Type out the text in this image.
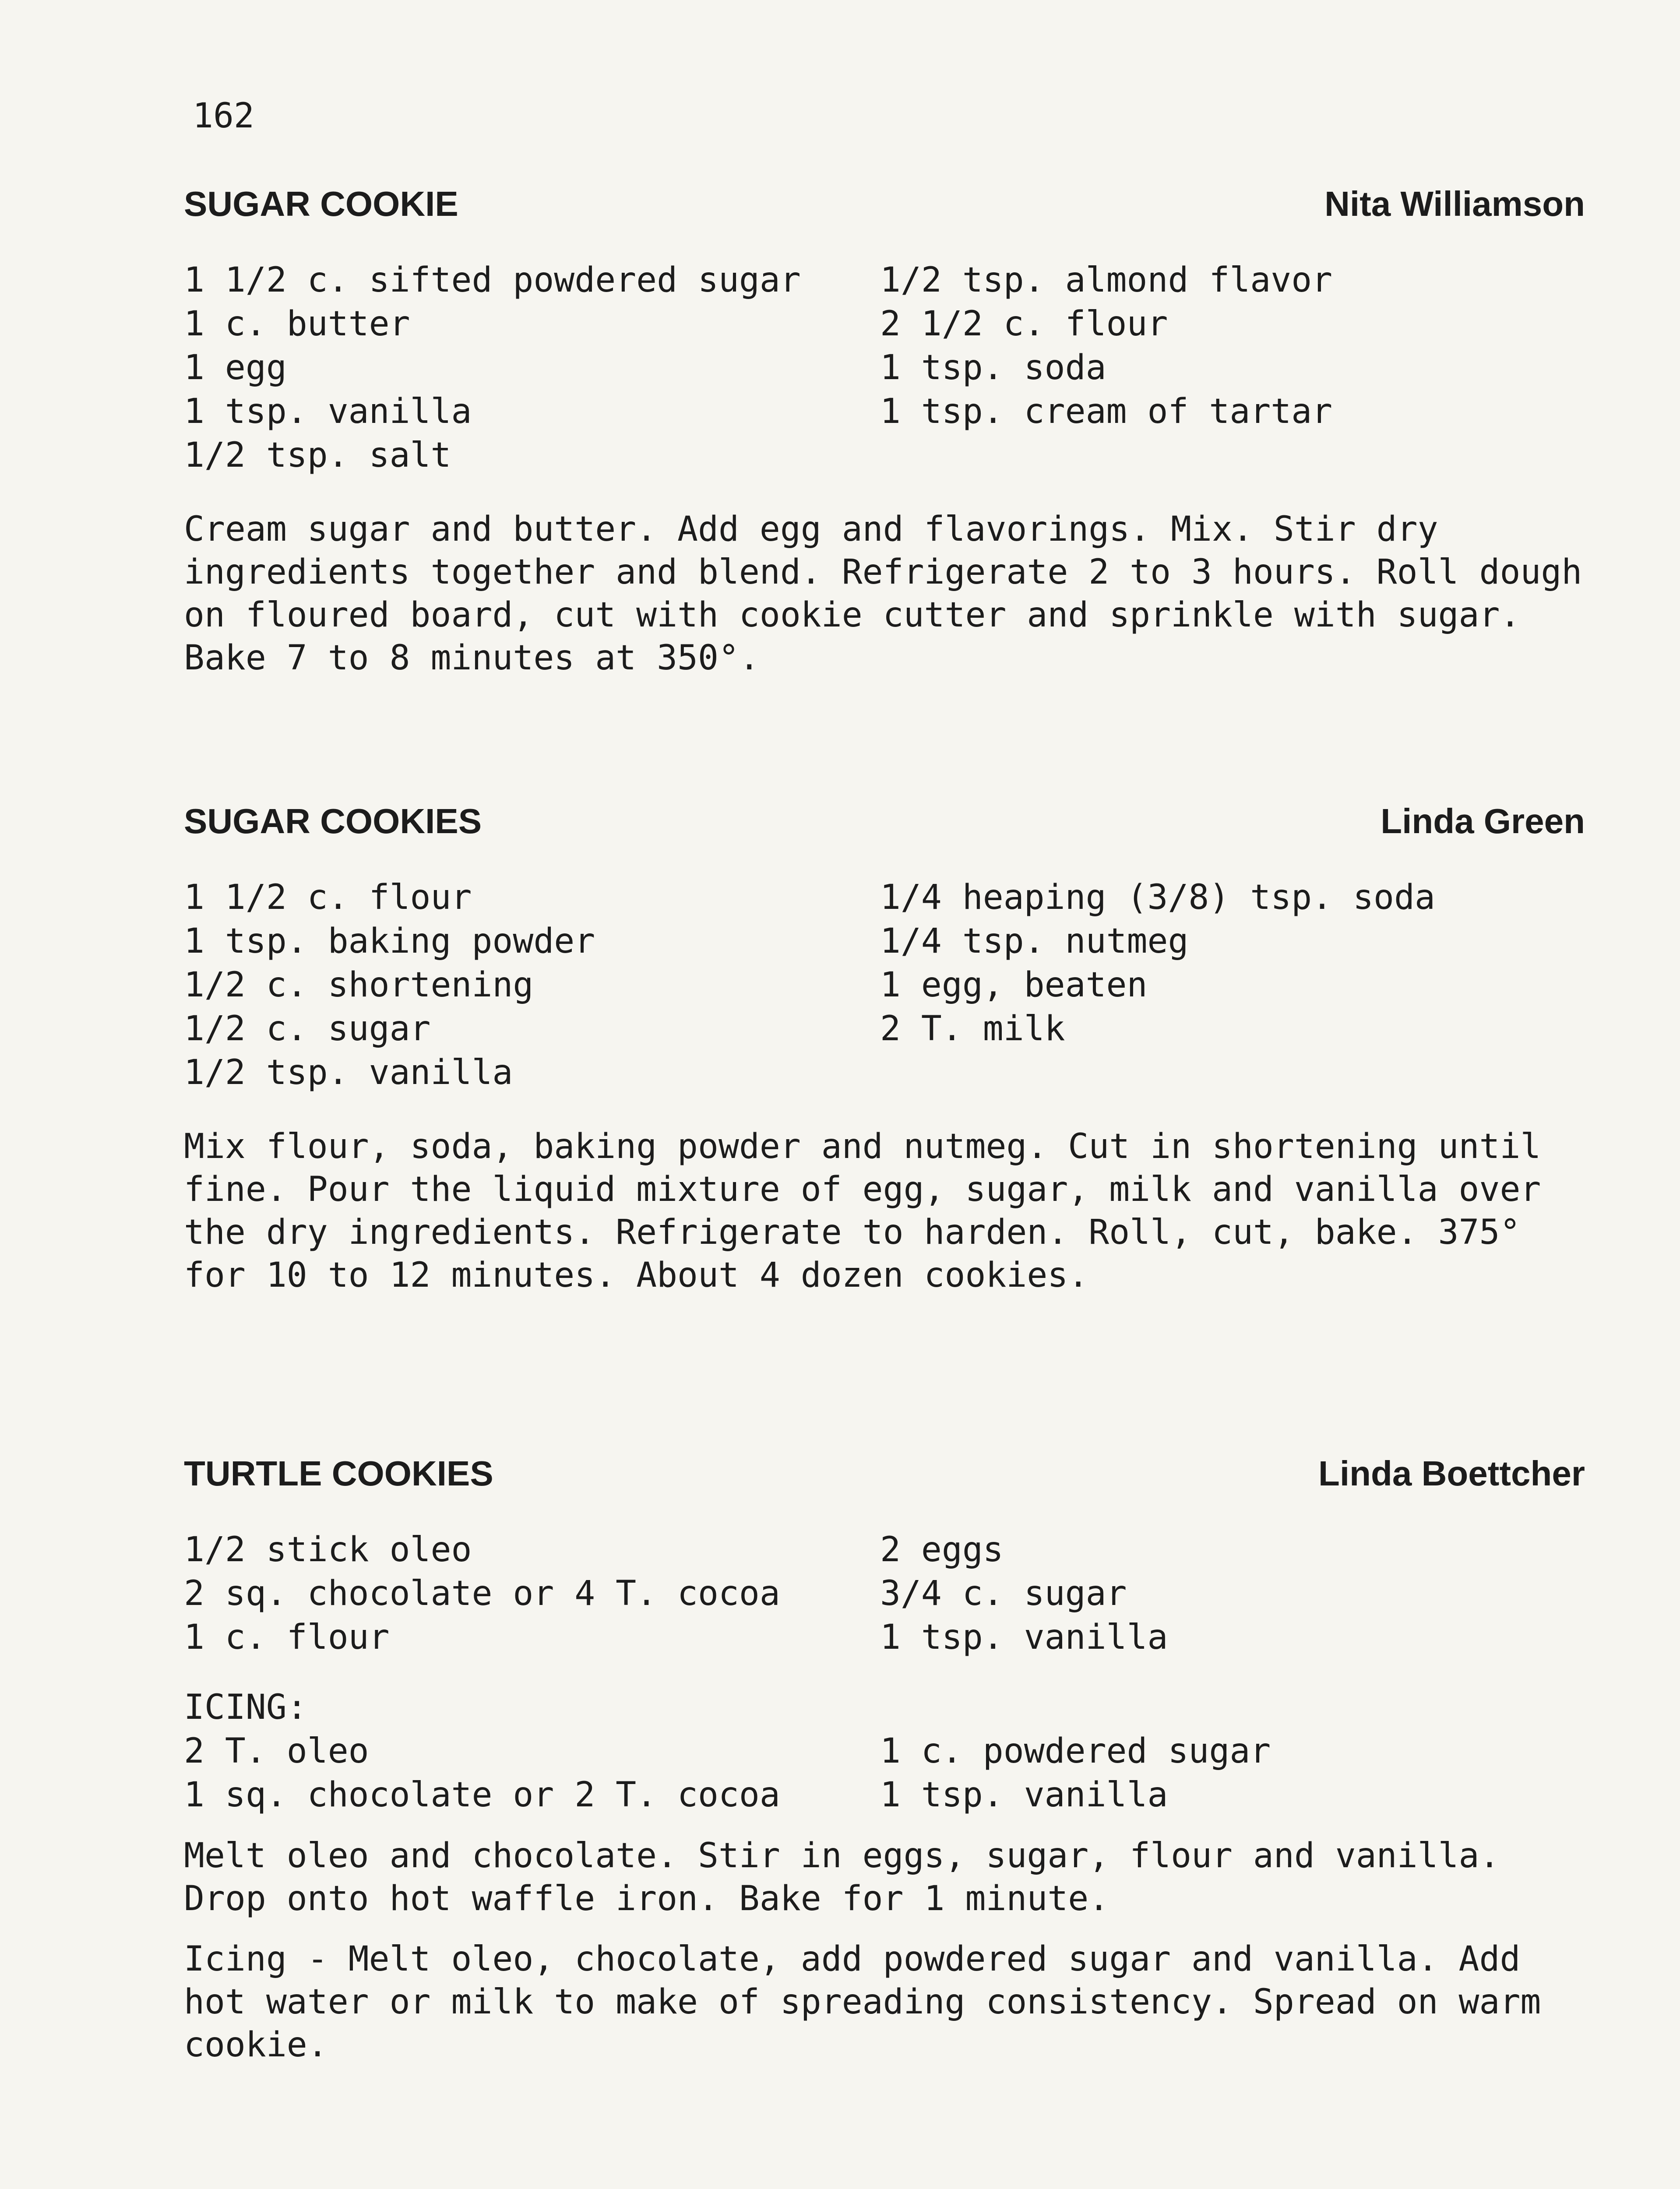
162
SUGAR COOKIE	Nita Williamson
1 1/2 c. sifted powdered sugar
1 c. butter
1 egg
1 tsp. vanilla
1/2 tsp. salt
1/2 tsp. almond flavor
2 1/2 c. flour
1 tsp. soda
1 tsp. cream of tartar

Cream sugar and butter. Add egg and flavorings. Mix. Stir dry ingredients together and blend. Refrigerate 2 to 3 hours. Roll dough on floured board, cut with cookie cutter and sprinkle with sugar. Bake 7 to 8 minutes at 350°.

SUGAR COOKIES	Linda Green
1 1/2 c. flour
1 tsp. baking powder
1/2 c. shortening
1/2 c. sugar
1/2 tsp. vanilla
1/4 heaping (3/8) tsp. soda
1/4 tsp. nutmeg
1 egg, beaten
2 T. milk

Mix flour, soda, baking powder and nutmeg. Cut in shortening until fine. Pour the liquid mixture of egg, sugar, milk and vanilla over the dry ingredients. Refrigerate to harden. Roll, cut, bake. 375° for 10 to 12 minutes. About 4 dozen cookies.

TURTLE COOKIES	Linda Boettcher
1/2 stick oleo
2 sq. chocolate or 4 T. cocoa
1 c. flour
2 eggs
3/4 c. sugar
1 tsp. vanilla
ICING:
2 T. oleo
1 sq. chocolate or 2 T. cocoa
1 c. powdered sugar
1 tsp. vanilla

Melt oleo and chocolate. Stir in eggs, sugar, flour and vanilla. Drop onto hot waffle iron. Bake for 1 minute.

Icing - Melt oleo, chocolate, add powdered sugar and vanilla. Add hot water or milk to make of spreading consistency. Spread on warm cookie.
